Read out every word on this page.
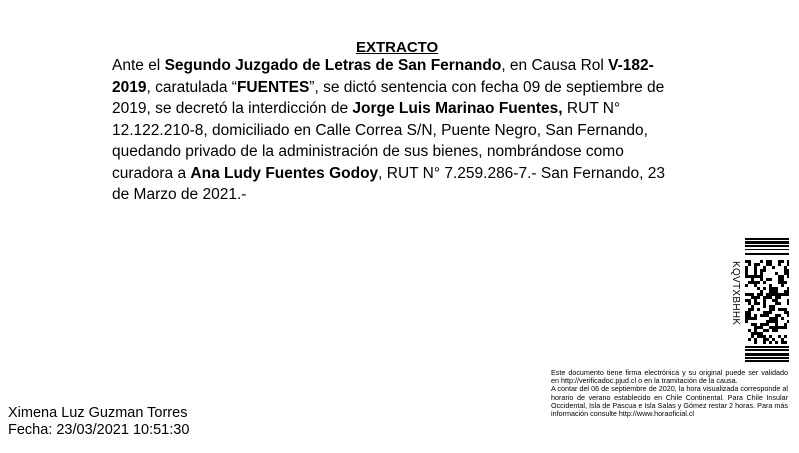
EXTRACTO
Ante el Segundo Juzgado de Letras de San Fernando, en Causa Rol V-182-2019, caratulada “FUENTES”, se dictó sentencia con fecha 09 de septiembre de 2019, se decretó la interdicción de Jorge Luis Marinao Fuentes, RUT N° 12.122.210-8, domiciliado en Calle Correa S/N, Puente Negro, San Fernando, quedando privado de la administración de sus bienes, nombrándose como curadora a Ana Ludy Fuentes Godoy, RUT N° 7.259.286-7.- San Fernando, 23 de Marzo de 2021.-
Ximena Luz Guzman Torres
Fecha: 23/03/2021 10:51:30
KQVTXBHHK
Este documento tiene firma electrónica y su original puede ser validado en http://verificadoc.pjud.cl o en la tramitación de la causa.
A contar del 06 de septiembre de 2020, la hora visualizada corresponde al horario de verano establecido en Chile Continental. Para Chile Insular Occidental, Isla de Pascua e Isla Salas y Gómez restar 2 horas. Para más información consulte http://www.horaoficial.cl
